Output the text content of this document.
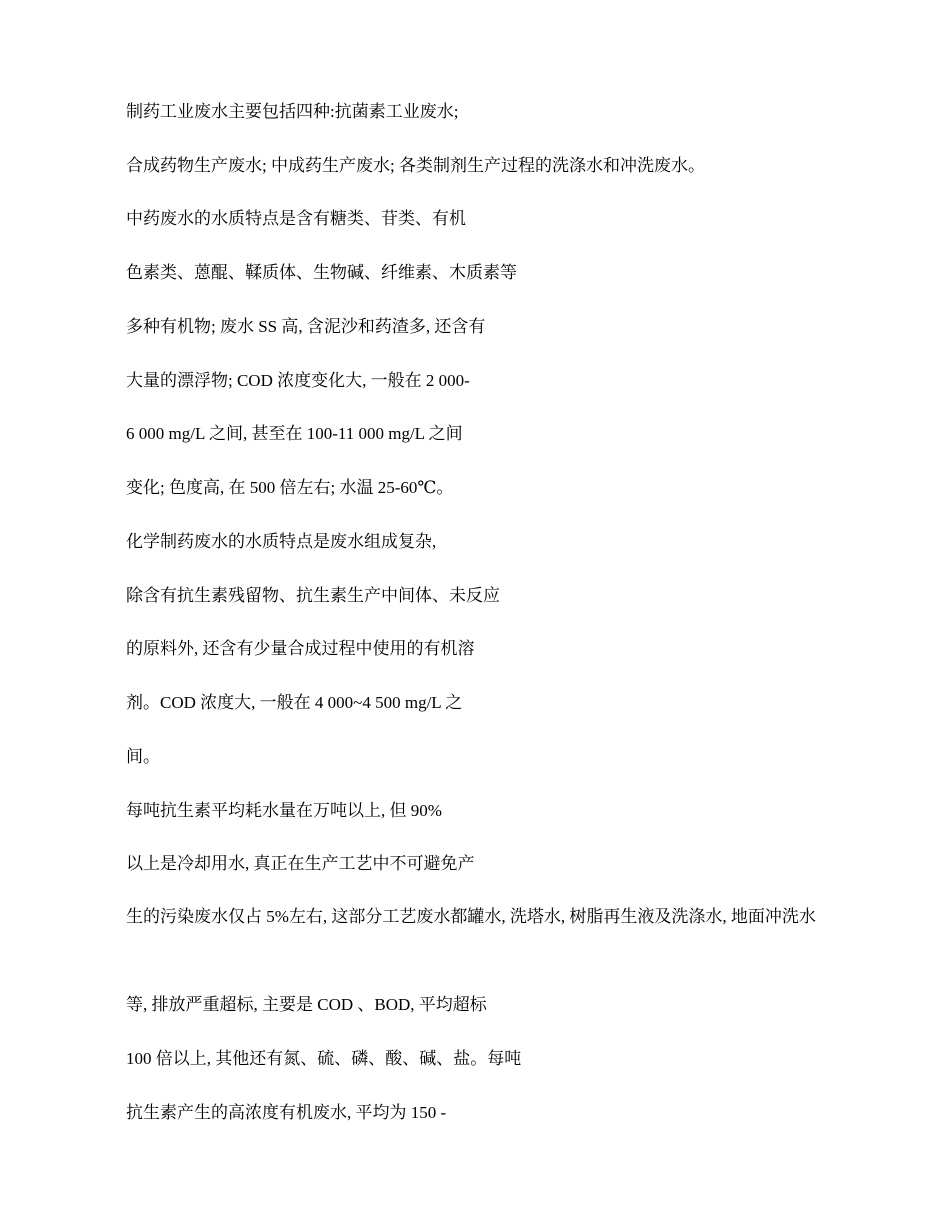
制药工业废水主要包括四种:抗菌素工业废水;

合成药物生产废水; 中成药生产废水; 各类制剂生产过程的洗涤水和冲洗废水。

中药废水的水质特点是含有糖类、苷类、有机

色素类、蒽醌、鞣质体、生物碱、纤维素、木质素等

多种有机物; 废水 SS 高, 含泥沙和药渣多, 还含有

大量的漂浮物; COD 浓度变化大, 一般在 2 000-

6 000 mg/L 之间, 甚至在 100-11 000 mg/L 之间

变化; 色度高, 在 500 倍左右; 水温 25-60℃。

化学制药废水的水质特点是废水组成复杂,

除含有抗生素残留物、抗生素生产中间体、未反应

的原料外, 还含有少量合成过程中使用的有机溶

剂。COD 浓度大, 一般在 4 000~4 500 mg/L 之

间。

每吨抗生素平均耗水量在万吨以上, 但 90%

以上是冷却用水, 真正在生产工艺中不可避免产

生的污染废水仅占 5%左右, 这部分工艺废水都罐水, 洗塔水, 树脂再生液及洗涤水, 地面冲洗水

等, 排放严重超标, 主要是 COD 、BOD, 平均超标

100 倍以上, 其他还有氮、硫、磷、酸、碱、盐。每吨

抗生素产生的高浓度有机废水, 平均为 150 -
